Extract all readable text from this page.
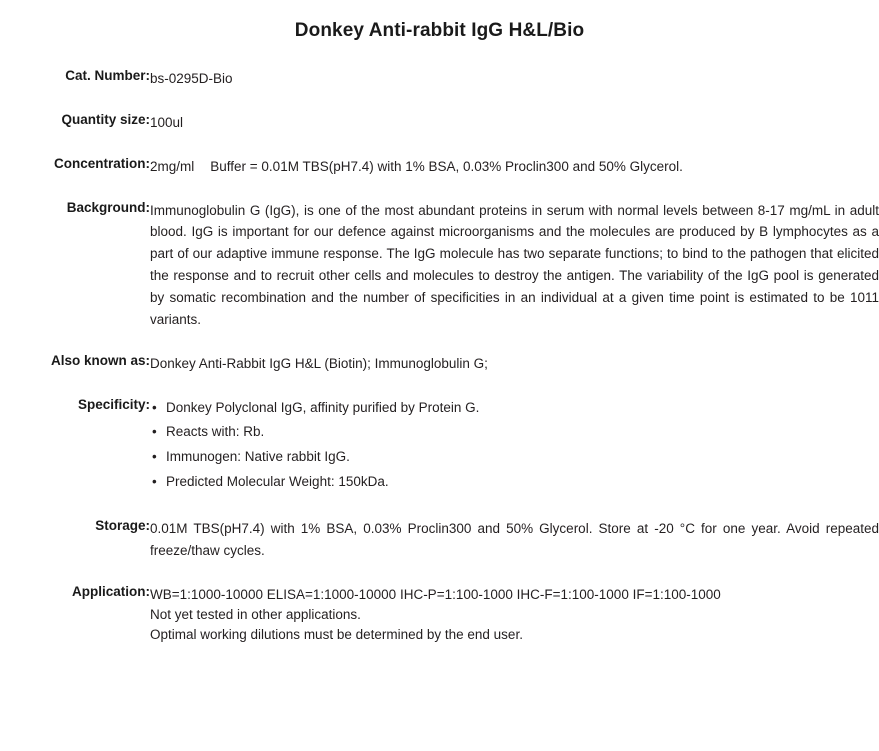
Donkey Anti-rabbit IgG H&L/Bio
Cat. Number:	bs-0295D-Bio
Quantity size:	100ul
Concentration:	2mg/ml Buffer = 0.01M TBS(pH7.4) with 1% BSA, 0.03% Proclin300 and 50% Glycerol.
Background:	Immunoglobulin G (IgG), is one of the most abundant proteins in serum with normal levels between 8-17 mg/mL in adult blood. IgG is important for our defence against microorganisms and the molecules are produced by B lymphocytes as a part of our adaptive immune response. The IgG molecule has two separate functions; to bind to the pathogen that elicited the response and to recruit other cells and molecules to destroy the antigen. The variability of the IgG pool is generated by somatic recombination and the number of specificities in an individual at a given time point is estimated to be 1011 variants.
Also known as:	Donkey Anti-Rabbit IgG H&L (Biotin); Immunoglobulin G;
Specificity:	
•Donkey Polyclonal IgG, affinity purified by Protein G.
• Reacts with: Rb.
• Immunogen: Native rabbit IgG.
• Predicted Molecular Weight: 150kDa.

Storage:	0.01M TBS(pH7.4) with 1% BSA, 0.03% Proclin300 and 50% Glycerol. Store at -20 °C for one year. Avoid repeated freeze/thaw cycles.
Application:	WB=1:1000-10000 ELISA=1:1000-10000 IHC-P=1:100-1000 IHC-F=1:100-1000 IF=1:100-1000
Not yet tested in other applications.
Optimal working dilutions must be determined by the end user.
